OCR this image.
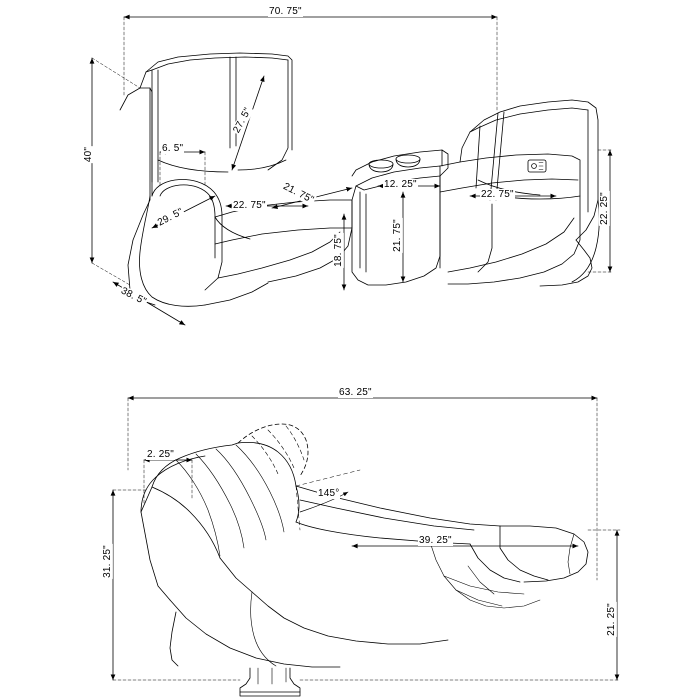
70. 75"
40"
27. 5"
6. 5"
22. 75" 21. 75"	12. 25"
22. 75"
18. 75"	21. 75"
22. 25"
38. 5"
29. 5"
63. 25"
2. 25"
145°
39. 25"
31. 25"
21. 25"
